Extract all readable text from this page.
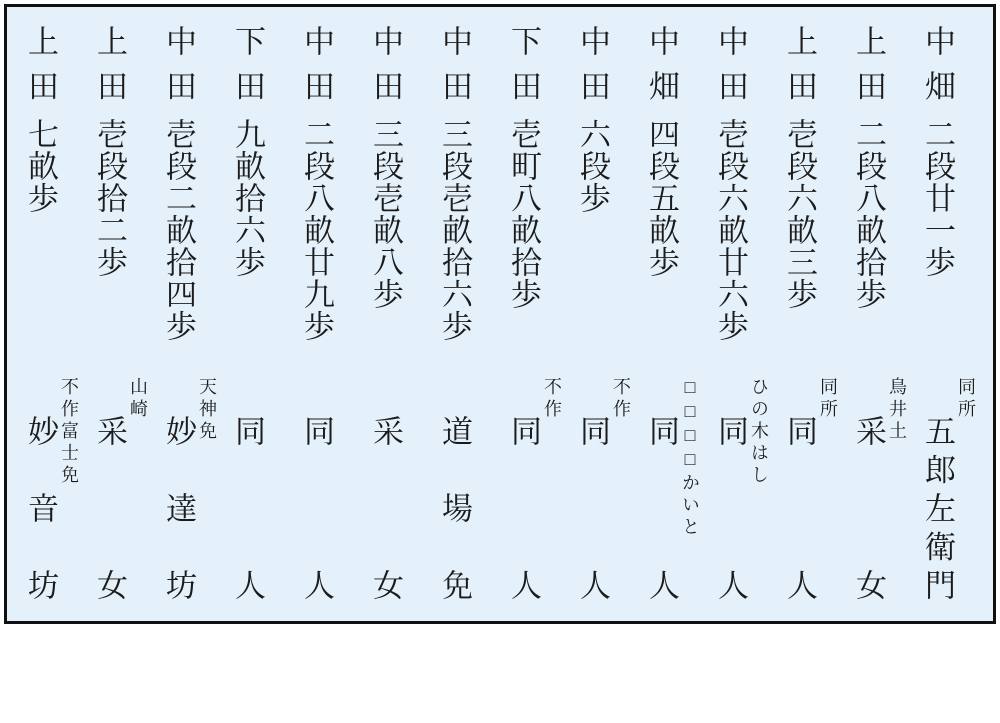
中畑二段廿一歩
同所
五郎左衛門
上田二段八畝拾歩
鳥井土
采女
上田壱段六畝三歩
同所
同人
中田壱段六畝廿六歩
ひの木はし
同人
中畑四段五畝歩
□□□□かいと
同人
中田六段歩
不作
同人
下田壱町八畝拾歩
不作
同人
中田三段壱畝拾六歩
道場免
中田三段壱畝八歩
采女
中田二段八畝廿九歩
同人
下田九畝拾六歩
同人
中田壱段二畝拾四歩
天神免
妙達坊
上田壱段拾二歩
山崎
采女
上田七畝歩
不作富士免
妙音坊
